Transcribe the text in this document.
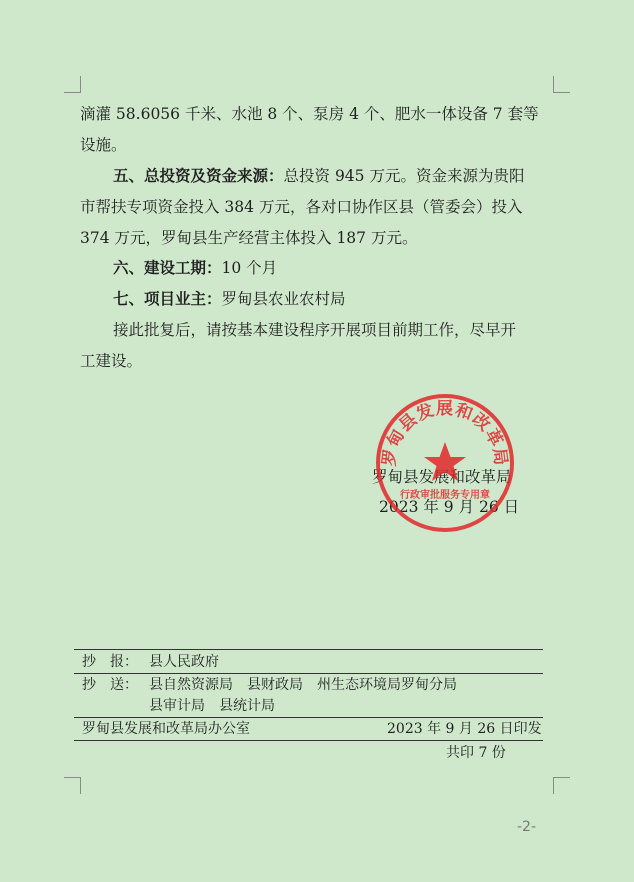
滴灌 58.6056 千米、水池 8 个、泵房 4 个、肥水一体设备 7 套等
设施。
五、总投资及资金来源：总投资 945 万元。资金来源为贵阳
市帮扶专项资金投入 384 万元，各对口协作区县（管委会）投入
374 万元，罗甸县生产经营主体投入 187 万元。
六、建设工期：10 个月
七、项目业主：罗甸县农业农村局
接此批复后，请按基本建设程序开展项目前期工作，尽早开
工建设。
罗甸县发展和改革局
2023 年 9 月 26 日
罗甸县发展和改革局
行政审批服务专用章
抄　报： 县人民政府
抄　送： 县自然资源局　县财政局　州生态环境局罗甸分局
县审计局　县统计局
罗甸县发展和改革局办公室	2023 年 9 月 26 日印发
共印 7 份
-2-
